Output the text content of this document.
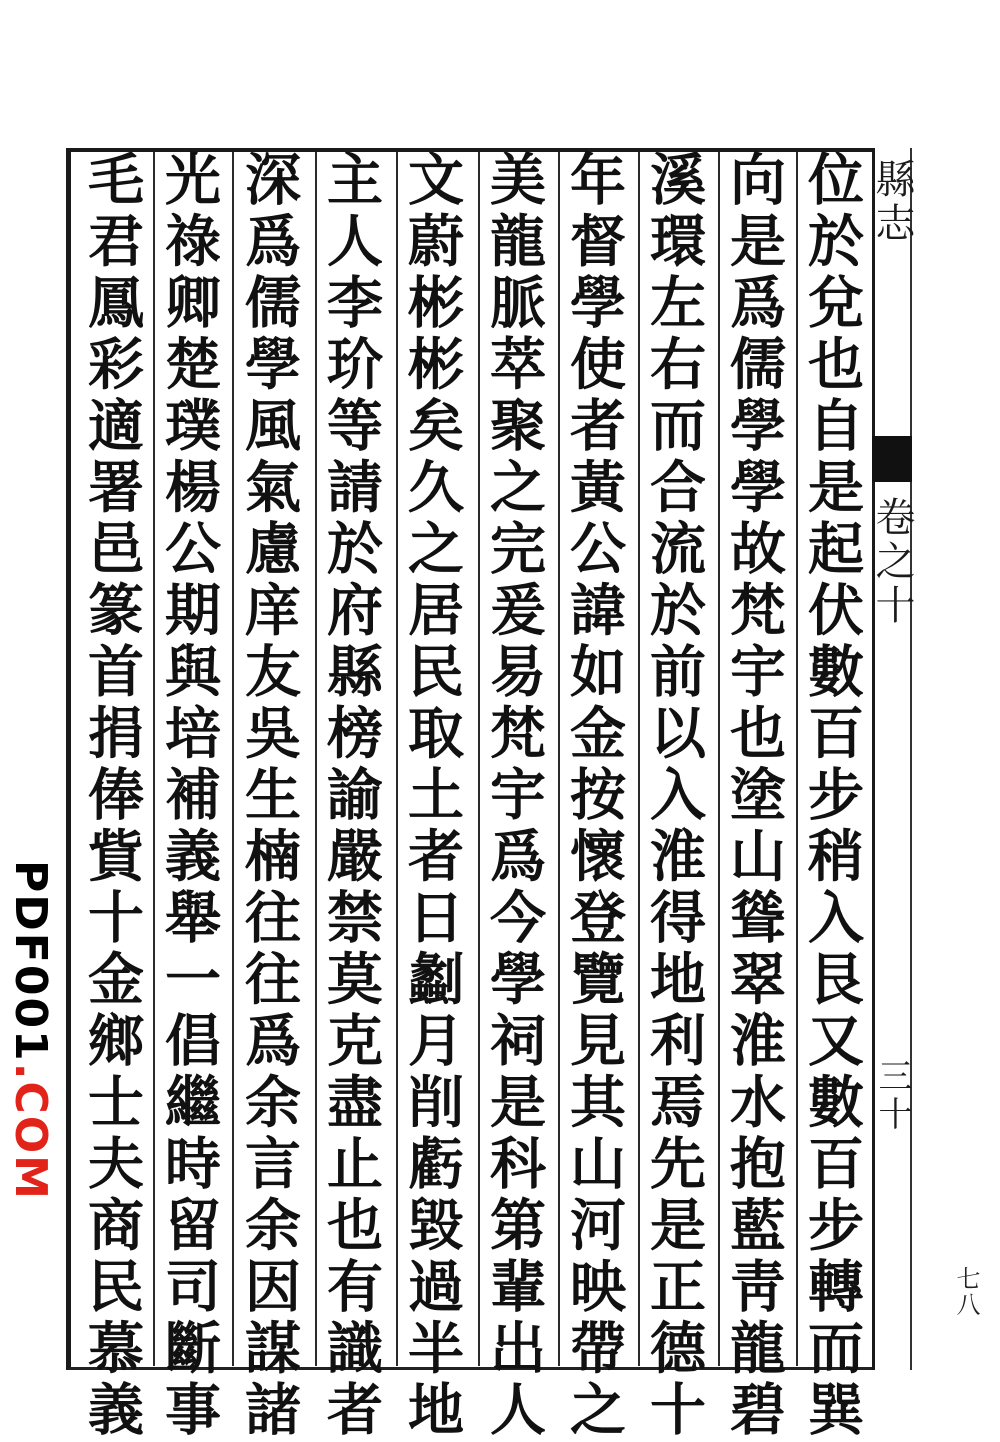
縣志
卷之十
三十
位於兌也自是起伏數百步稍入艮又數百步轉而巽
向是爲儒學學故梵宇也塗山聳翠淮水抱藍靑龍碧
溪環左右而合流於前以入淮得地利焉先是正德十
年督學使者黃公諱如金按懷登覽見其山河映帶之
美龍脈萃聚之完爰易梵宇爲今學祠是科第輩出人
文蔚彬彬矣久之居民取土者日劙月削虧毀過半地
主人李玠等請於府縣榜諭嚴禁莫克盡止也有識者
深爲儒學風氣慮庠友吳生楠往往爲余言余因謀諸
光祿卿楚璞楊公期與培補義舉一倡繼時留司斷事
毛君鳳彩適署邑篆首捐俸貲十金鄉士夫商民慕義
PDF001.COM
七八
